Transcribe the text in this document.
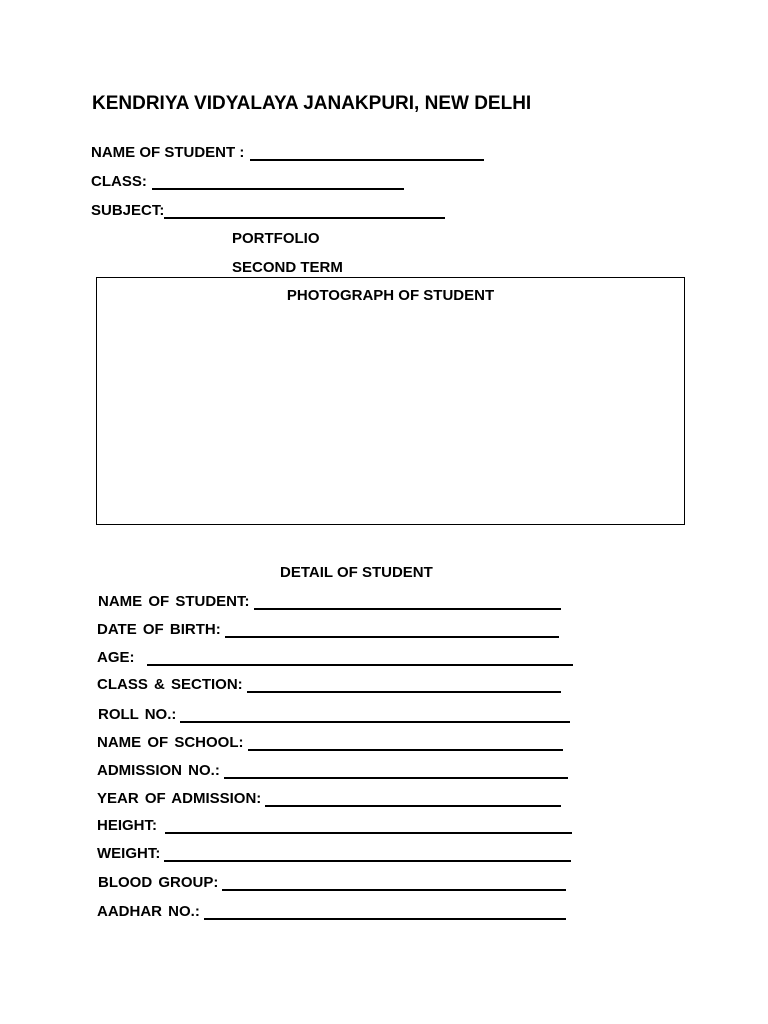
KENDRIYA VIDYALAYA JANAKPURI, NEW DELHI
NAME OF STUDENT :
CLASS:
SUBJECT:
PORTFOLIO
SECOND TERM
PHOTOGRAPH OF STUDENT
DETAIL OF STUDENT
NAME OF STUDENT:
DATE OF BIRTH:
AGE:
CLASS & SECTION:
ROLL NO.:
NAME OF SCHOOL:
ADMISSION NO.:
YEAR OF ADMISSION:
HEIGHT:
WEIGHT:
BLOOD GROUP:
AADHAR NO.:
